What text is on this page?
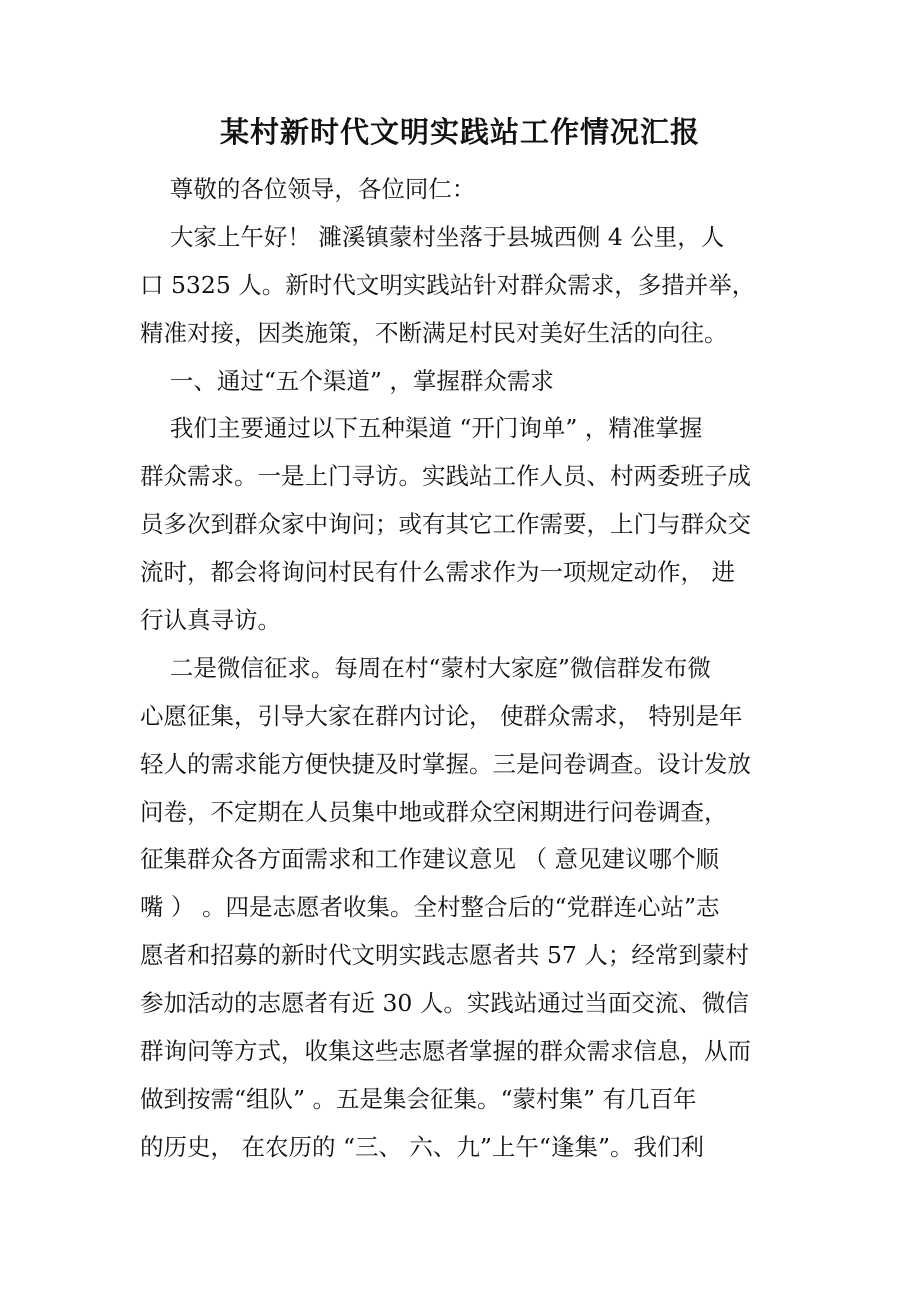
某村新时代文明实践站工作情况汇报
尊敬的各位领导，各位同仁：
大家上午好！ 濉溪镇蒙村坐落于县城西侧 4 公里，人
口 5325 人。新时代文明实践站针对群众需求，多措并举，
精准对接，因类施策，不断满足村民对美好生活的向往。
一、通过“五个渠道” ，掌握群众需求
我们主要通过以下五种渠道 “开门询单” ，精准掌握
群众需求。一是上门寻访。实践站工作人员、村两委班子成
员多次到群众家中询问；或有其它工作需要，上门与群众交
流时，都会将询问村民有什么需求作为一项规定动作， 进
行认真寻访。
二是微信征求。每周在村“蒙村大家庭”微信群发布微
心愿征集，引导大家在群内讨论， 使群众需求， 特别是年
轻人的需求能方便快捷及时掌握。三是问卷调查。设计发放
问卷，不定期在人员集中地或群众空闲期进行问卷调查，
征集群众各方面需求和工作建议意见 （ 意见建议哪个顺
嘴 ） 。四是志愿者收集。全村整合后的“党群连心站”志
愿者和招募的新时代文明实践志愿者共 57 人；经常到蒙村
参加活动的志愿者有近 30 人。实践站通过当面交流、微信
群询问等方式，收集这些志愿者掌握的群众需求信息，从而
做到按需“组队” 。五是集会征集。“蒙村集” 有几百年
的历史， 在农历的 “三、 六、九”上午“逢集”。我们利
